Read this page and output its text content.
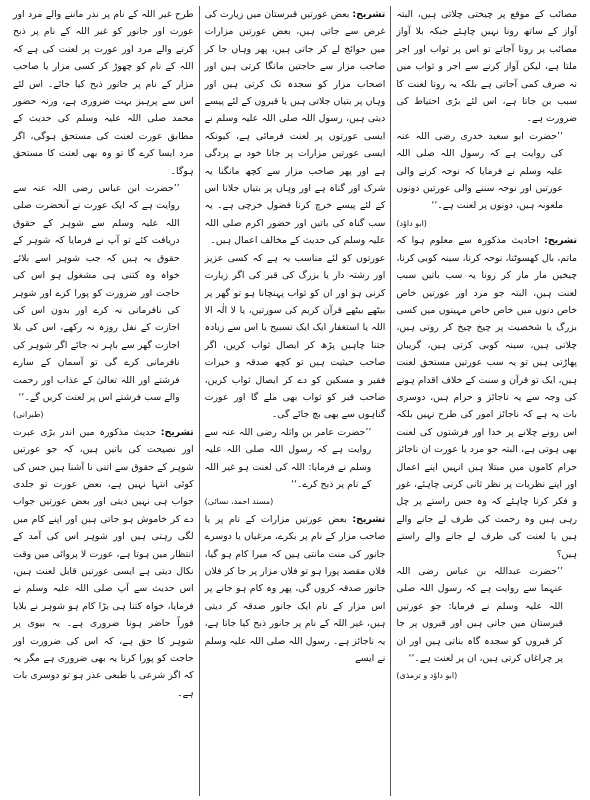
مصائب کے موقع پر چیختی چلاتی ہیں، البتہ آواز کے ساتھ رونا نہیں چاہئے جبکہ بلا آواز مصائب پر رونا آجاتے تو اس پر ثواب اور اجر ملتا ہے، لیکن آواز کرنے سے اجر و ثواب میں نہ صرف کمی آجاتی ہے بلکہ یہ رونا لعنت کا سبب بن جاتا ہے، اس لئے بڑی احتیاط کی ضرورت ہے۔

’’حضرت ابو سعید خدری رضی اللہ عنہ کی روایت ہے کہ رسول اللہ صلی اللہ علیہ وسلم نے فرمایا کہ نوحہ کرنے والی عورتیں اور نوحہ سننے والی عورتیں دونوں ملعونہ ہیں، دونوں پر لعنت ہے۔‘‘

(ابو داؤد)

تشریح: احادیث مذکورہ سے معلوم ہوا کہ ماتم، بال کھسوٹنا، نوحہ کرنا، سینہ کوبی کرنا، چیخیں مار مار کر رونا یہ سب باتیں سبب لعنت ہیں، البتہ جو مرد اور عورتیں خاص خاص دنوں میں خاص خاص مہینوں میں کسی بزرگ یا شخصیت پر چیخ چیخ کر روتی ہیں، چلاتی ہیں، سینہ کوبی کرتی ہیں، گریبان پھاڑتی ہیں تو یہ سب عورتیں مستحق لعنت ہیں، ایک تو قرآن و سنت کے خلاف اقدام ہونے کی وجہ سے یہ ناجائز و حرام ہیں، دوسری بات یہ ہے کہ ناجائز امور کی طرح نہیں بلکہ اس رونے چلانے پر خدا اور فرشتوں کی لعنت بھی ہوتی ہے، البتہ جو مرد یا عورت ان ناجائز حرام کاموں میں مبتلا ہیں انہیں اپنے اعمال اور اپنے نظریات پر نظر ثانی کرنی چاہئے، غور و فکر کرنا چاہئے کہ وہ جس راستے پر چل رہی ہیں وہ رحمت کی طرف لے جانے والے ہیں یا لعنت کی طرف لے جانے والے راستے ہیں؟

’’حضرت عبداللہ بن عباس رضی اللہ عنہما سے روایت ہے کہ رسول اللہ صلی اللہ علیہ وسلم نے فرمایا: جو عورتیں قبرستان میں جاتی ہیں اور قبروں پر جا کر قبروں کو سجدہ گاہ بناتی ہیں اور ان پر چراغاں کرتی ہیں، ان پر لعنت ہے۔‘‘

(ابو داؤد و ترمذی)

تشریح: بعض عورتیں قبرستان میں زیارت کی غرض سے جاتی ہیں، بعض عورتیں مزارات میں حوائج لے کر جاتی ہیں، پھر وہاں جا کر صاحب مزار سے حاجتیں مانگا کرتی ہیں اور اصحاب مزار کو سجدہ تک کرتی ہیں اور وہاں پر بتیاں جلاتی ہیں یا قبروں کے لئے پیسے دیتی ہیں، رسول اللہ صلی اللہ علیہ وسلم نے ایسی عورتوں پر لعنت فرمائی ہے، کیونکہ ایسی عورتیں مزارات پر جانا خود بے پردگی ہے اور پھر صاحب مزار سے کچھ مانگنا یہ شرک اور گناہ ہے اور وہاں پر بتیاں جلانا اس کے لئے پیسے خرچ کرنا فضول خرچی ہے۔ یہ سب گناہ کی باتیں اور حضور اکرم صلی اللہ علیہ وسلم کی حدیث کے مخالف اعمال ہیں۔

عورتوں کو لئے مناسب یہ ہے کہ کسی عزیز اور رشتہ دار یا بزرگ کی قبر کی اگر زیارت کرنی ہو اور ان کو ثواب پہنچانا ہو تو گھر پر بیٹھے بیٹھے قرآن کریم کی سورتیں، یا لا الٰہ الا اللہ یا استغفار ایک ایک تسبیح یا اس سے زیادہ جتنا چاہیں پڑھ کر ایصال ثواب کریں، اگر صاحب حیثیت ہیں تو کچھ صدقہ و خیرات فقیر و مسکین کو دے کر ایصال ثواب کریں، صاحب قبر کو ثواب بھی ملے گا اور عورت گناہوں سے بھی بچ جائے گی۔

’’حضرت عامر بن واثلہ رضی اللہ عنہ سے روایت ہے کہ رسول اللہ صلی اللہ علیہ وسلم نے فرمایا: اللہ کی لعنت ہو غیر اللہ کے نام پر ذبح کرے۔‘‘

(مسند احمد، نسائی)

تشریح: بعض عورتیں مزارات کے نام پر یا صاحب مزار کے نام پر بکرے، مرغیاں یا دوسرے جانور کی منت مانتی ہیں کہ میرا کام ہو گیا، فلاں مقصد پورا ہو تو فلاں مزار پر جا کر فلاں جانور صدقہ کروں گی، پھر وہ کام ہو جانے پر اس مزار کے نام ایک جانور صدقہ کر دیتی ہیں، غیر اللہ کے نام پر جانور ذبح کیا جاتا ہے، یہ ناجائز ہے۔ رسول اللہ صلی اللہ علیہ وسلم نے ایسے

طرح غیر اللہ کے نام پر نذر ماننے والے مرد اور عورت اور جانور کو غیر اللہ کے نام پر ذبح کرنے والے مرد اور عورت پر لعنت کی ہے کہ اللہ کے نام کو چھوڑ کر کسی مزار یا صاحب مزار کے نام پر جانور ذبح کیا جائے۔ اس لئے اس سے پرہیز بہت ضروری ہے، ورنہ حضور محمد صلی اللہ علیہ وسلم کی حدیث کے مطابق عورت لعنت کی مستحق ہوگی، اگر مرد ایسا کرے گا تو وہ بھی لعنت کا مستحق ہوگا۔

’’حضرت ابن عباس رضی اللہ عنہ سے روایت ہے کہ ایک عورت نے آنحضرت صلی اللہ علیہ وسلم سے شوہر کے حقوق دریافت کئے تو آپ نے فرمایا کہ شوہر کے حقوق یہ ہیں کہ جب شوہر اسے بلائے خواہ وہ کتنی ہی مشغول ہو اس کی حاجت اور ضرورت کو پورا کرے اور شوہر کی نافرمانی نہ کرے اور بدون اس کی اجازت کے نفل روزہ نہ رکھے، اس کی بلا اجازت گھر سے باہر نہ جائے اگر شوہر کی نافرمانی کرے گی تو آسمان کے سارے فرشتے اور اللہ تعالیٰ کے عذاب اور رحمت والے سب فرشتے اس پر لعنت کریں گے۔‘‘

(طبرانی)

تشریح: حدیث مذکورہ میں اندر بڑی عبرت اور نصیحت کی باتیں ہیں، کہ جو عورتیں شوہر کے حقوق سے اتنی نا آشنا ہیں جس کی کوئی انتہا نہیں ہے، بعض عورت تو جلدی جواب ہی نہیں دیتی اور بعض عورتیں جواب دے کر خاموش ہو جاتی ہیں اور اپنے کام میں لگی رہتی ہیں اور شوہر اس کی آمد کے انتظار میں ہوتا ہے، عورت لا پروائی میں وقت نکال دیتی ہے ایسی عورتیں قابل لعنت ہیں، اس حدیث سے آپ صلی اللہ علیہ وسلم نے فرمایا، خواہ کتنا ہی بڑا کام ہو شوہر نے بلایا فوراً حاضر ہونا ضروری ہے۔ یہ بیوی پر شوہر کا حق ہے، کہ اس کی ضرورت اور حاجت کو پورا کرنا یہ بھی ضروری ہے مگر یہ کہ اگر شرعی یا طبعی عذر ہو تو دوسری بات ہے۔
